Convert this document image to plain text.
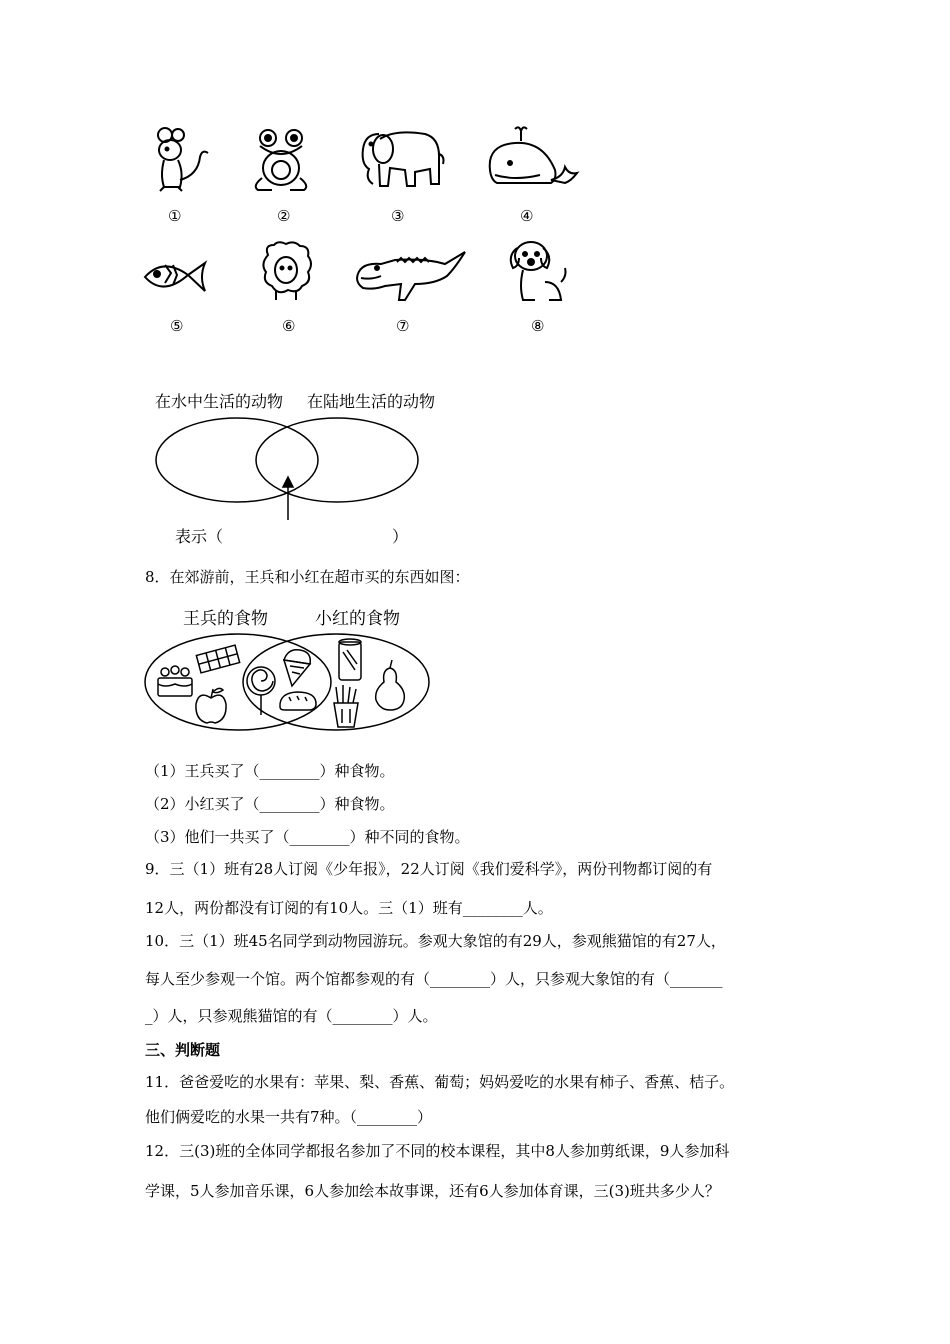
①	②	③	④
⑤	⑥	⑦	⑧
在水中生活的动物 在陆地生活的动物
表示（	）
8．在郊游前，王兵和小红在超市买的东西如图：
王兵的食物	小红的食物
（1）王兵买了（________）种食物。
（2）小红买了（________）种食物。
（3）他们一共买了（________）种不同的食物。
9．三（1）班有28人订阅《少年报》，22人订阅《我们爱科学》，两份刊物都订阅的有
12人，两份都没有订阅的有10人。三（1）班有________人。
10．三（1）班45名同学到动物园游玩。参观大象馆的有29人，参观熊猫馆的有27人，
每人至少参观一个馆。两个馆都参观的有（________）人，只参观大象馆的有（_______
_）人，只参观熊猫馆的有（________）人。
三、判断题
11．爸爸爱吃的水果有：苹果、梨、香蕉、葡萄；妈妈爱吃的水果有柿子、香蕉、桔子。
他们俩爱吃的水果一共有7种。（________）
12．三(3)班的全体同学都报名参加了不同的校本课程，其中8人参加剪纸课，9人参加科
学课，5人参加音乐课，6人参加绘本故事课，还有6人参加体育课，三(3)班共多少人？
